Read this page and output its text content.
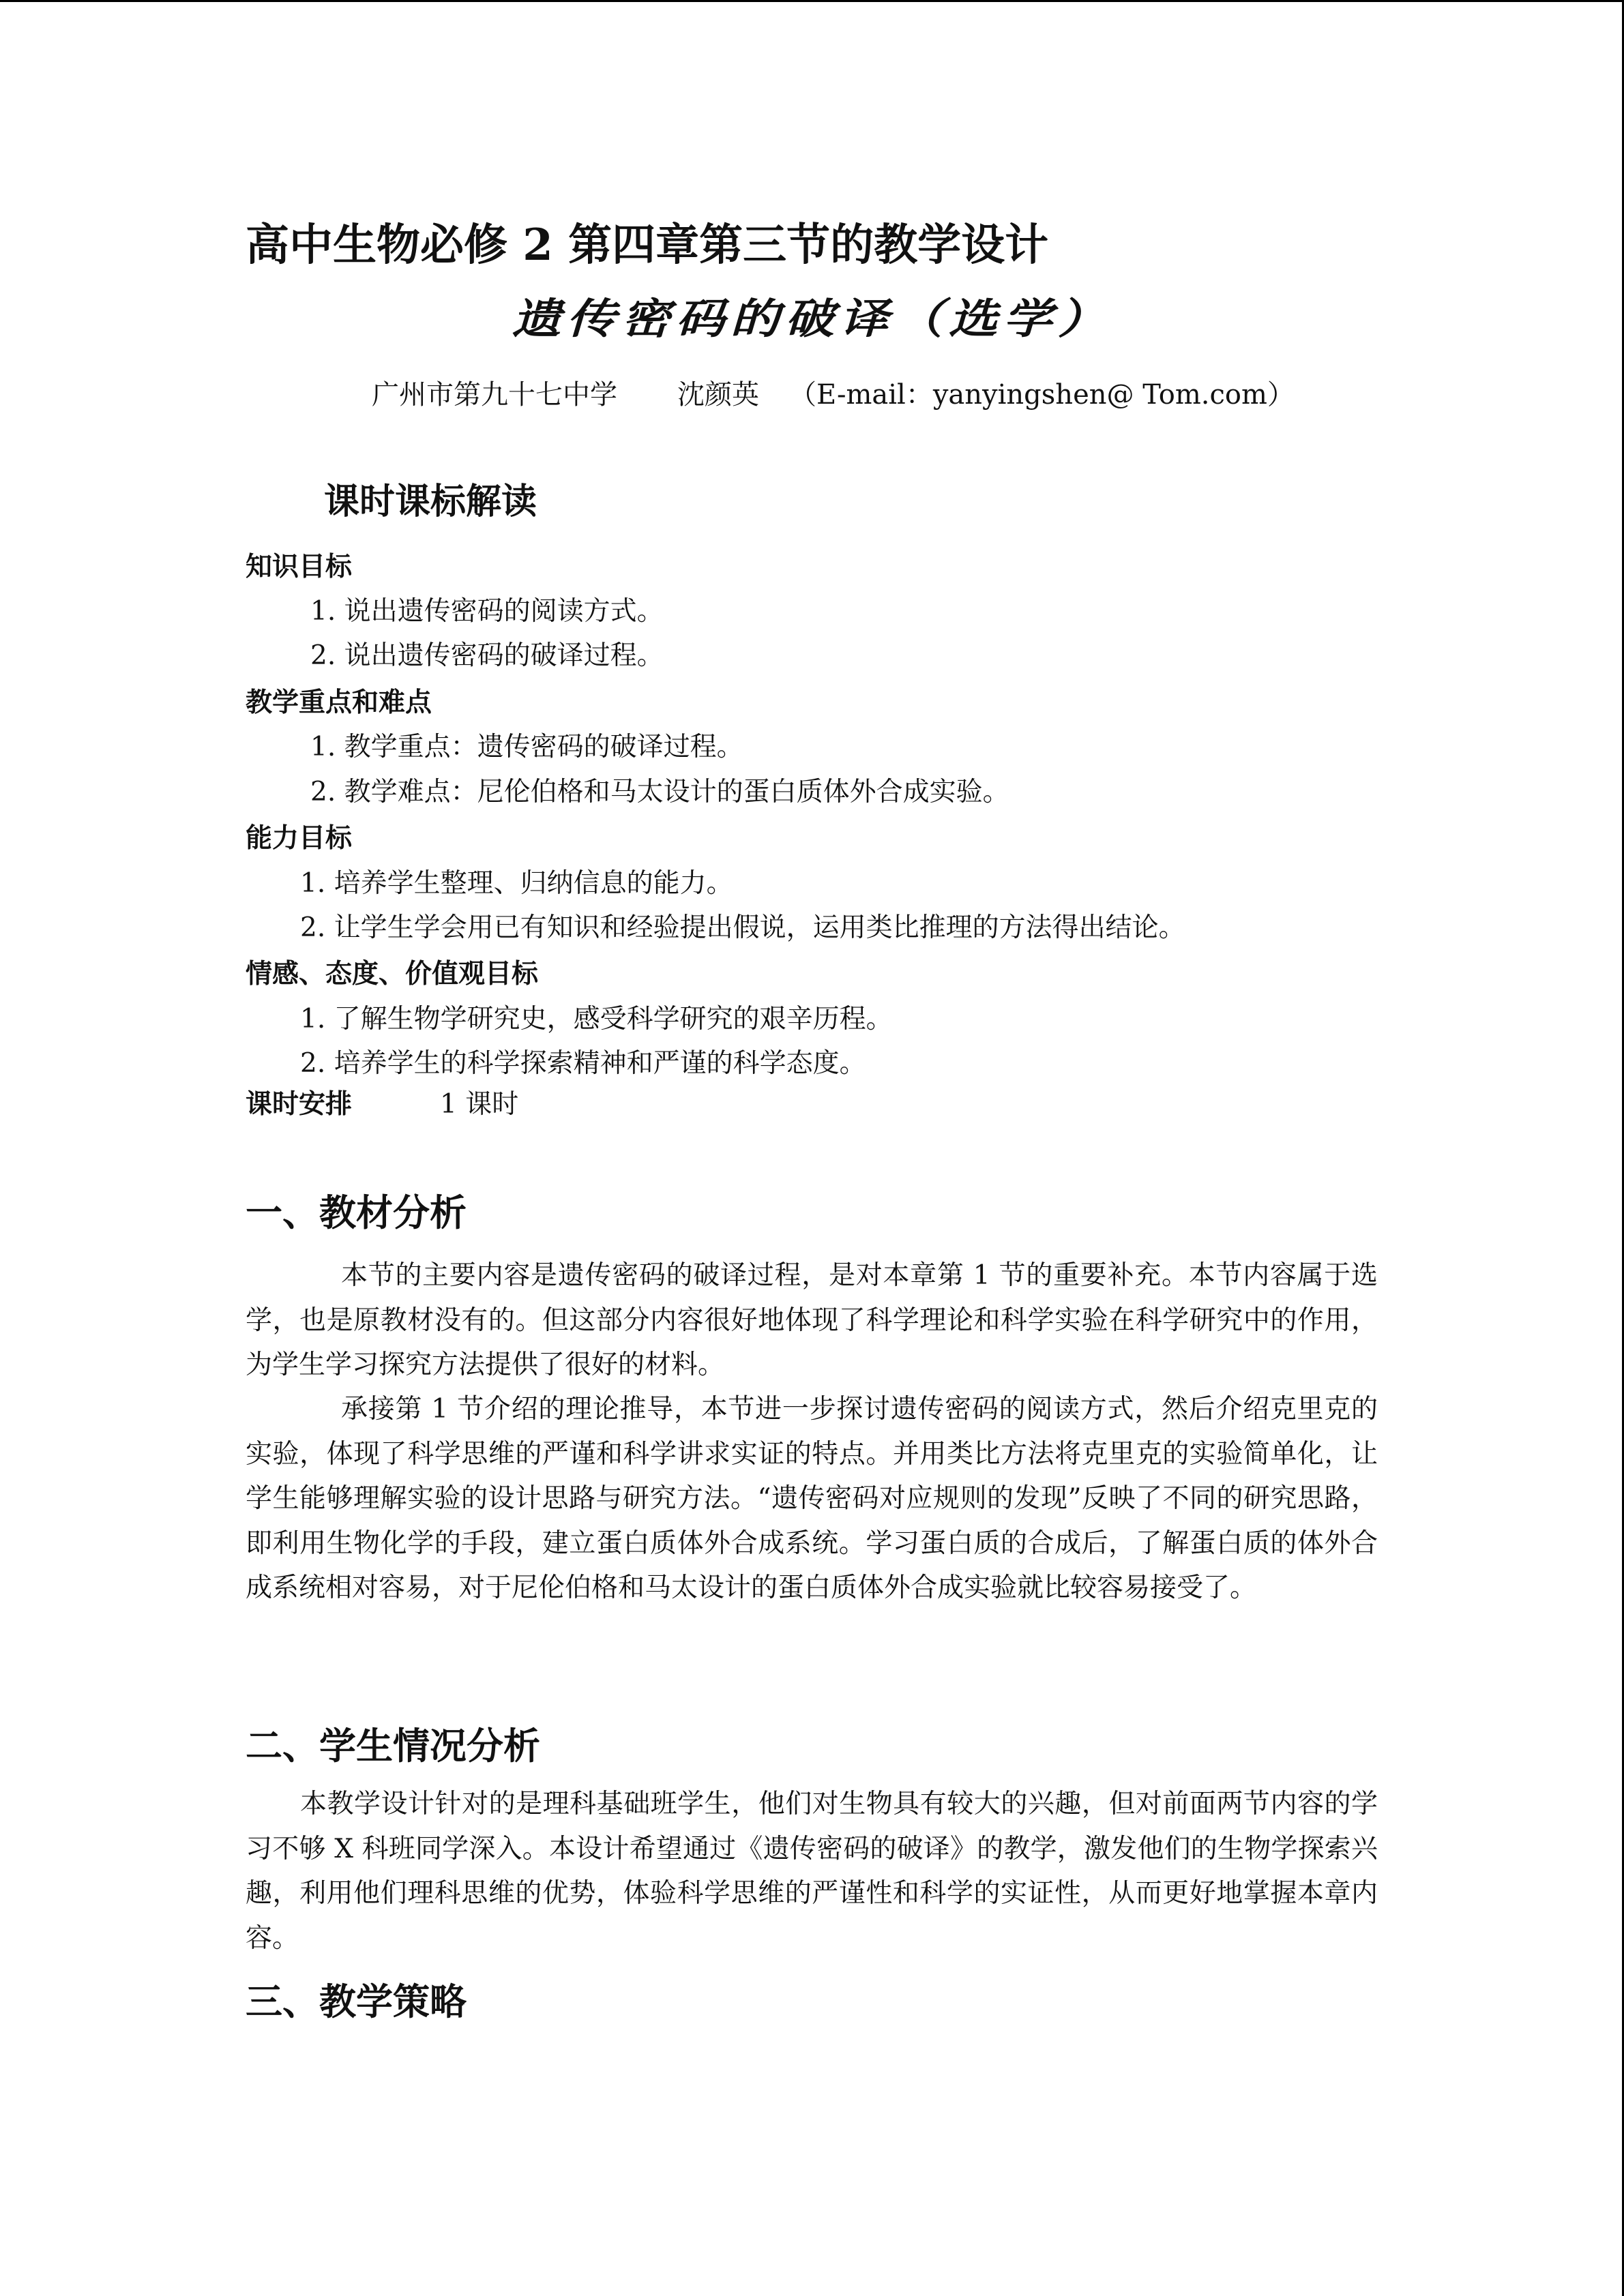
高中生物必修 2 第四章第三节的教学设计
遗传密码的破译（选学）
广州市第九十七中学 沈颜英 （E-mail：yanyingshen@ Tom.com）
课时课标解读
知识目标
1. 说出遗传密码的阅读方式。
2. 说出遗传密码的破译过程。
教学重点和难点
1. 教学重点：遗传密码的破译过程。
2. 教学难点：尼伦伯格和马太设计的蛋白质体外合成实验。
能力目标
1. 培养学生整理、归纳信息的能力。
2. 让学生学会用已有知识和经验提出假说，运用类比推理的方法得出结论。
情感、态度、价值观目标
1. 了解生物学研究史，感受科学研究的艰辛历程。
2. 培养学生的科学探索精神和严谨的科学态度。
课时安排	1 课时
一、教材分析
本节的主要内容是遗传密码的破译过程，是对本章第 1 节的重要补充。本节内容属于选学，也是原教材没有的。但这部分内容很好地体现了科学理论和科学实验在科学研究中的作用，为学生学习探究方法提供了很好的材料。
承接第 1 节介绍的理论推导，本节进一步探讨遗传密码的阅读方式，然后介绍克里克的实验，体现了科学思维的严谨和科学讲求实证的特点。并用类比方法将克里克的实验简单化，让学生能够理解实验的设计思路与研究方法。“遗传密码对应规则的发现”反映了不同的研究思路，即利用生物化学的手段，建立蛋白质体外合成系统。学习蛋白质的合成后，了解蛋白质的体外合成系统相对容易，对于尼伦伯格和马太设计的蛋白质体外合成实验就比较容易接受了。
二、学生情况分析
本教学设计针对的是理科基础班学生，他们对生物具有较大的兴趣，但对前面两节内容的学习不够 X 科班同学深入。本设计希望通过《遗传密码的破译》的教学，激发他们的生物学探索兴趣，利用他们理科思维的优势，体验科学思维的严谨性和科学的实证性，从而更好地掌握本章内容。
三、教学策略
